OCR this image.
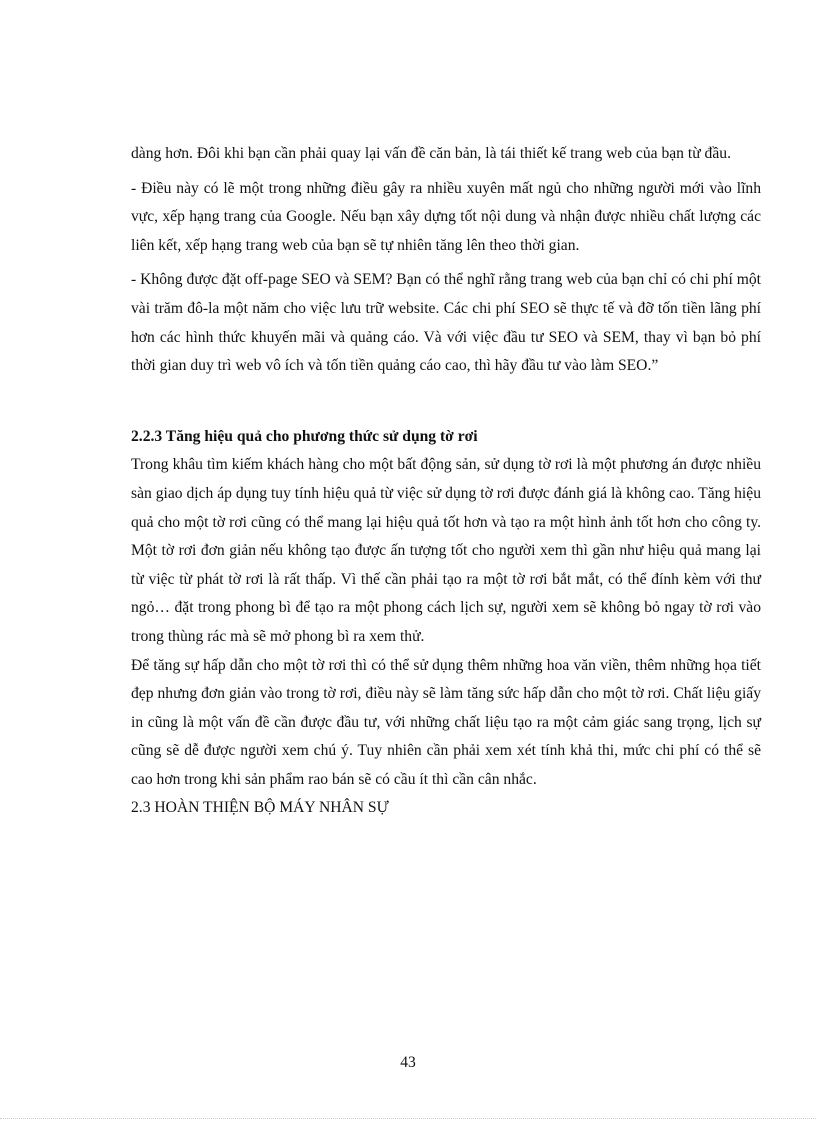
dàng hơn. Đôi khi bạn cần phải quay lại vấn đề căn bản, là tái thiết kế trang web của bạn từ đầu.

- Điều này có lẽ một trong những điều gây ra nhiều xuyên mất ngủ cho những người mới vào lĩnh vực, xếp hạng trang của Google. Nếu bạn xây dựng tốt nội dung và nhận được nhiều chất lượng các liên kết, xếp hạng trang web của bạn sẽ tự nhiên tăng lên theo thời gian.

- Không được đặt off-page SEO và SEM? Bạn có thể nghĩ rằng trang web của bạn chỉ có chi phí một vài trăm đô-la một năm cho việc lưu trữ website. Các chi phí SEO sẽ thực tế và đỡ tốn tiền lãng phí hơn các hình thức khuyến mãi và quảng cáo. Và với việc đầu tư SEO và SEM, thay vì bạn bỏ phí thời gian duy trì web vô ích và tốn tiền quảng cáo cao, thì hãy đầu tư vào làm SEO.”

2.2.3 Tăng hiệu quả cho phương thức sử dụng tờ rơi

Trong khâu tìm kiếm khách hàng cho một bất động sản, sử dụng tờ rơi là một phương án được nhiều sàn giao dịch áp dụng tuy tính hiệu quả từ việc sử dụng tờ rơi được đánh giá là không cao. Tăng hiệu quả cho một tờ rơi cũng có thể mang lại hiệu quả tốt hơn và tạo ra một hình ảnh tốt hơn cho công ty. Một tờ rơi đơn giản nếu không tạo được ấn tượng tốt cho người xem thì gần như hiệu quả mang lại từ việc từ phát tờ rơi là rất thấp. Vì thế cần phải tạo ra một tờ rơi bắt mắt, có thể đính kèm với thư ngỏ… đặt trong phong bì để tạo ra một phong cách lịch sự, người xem sẽ không bỏ ngay tờ rơi vào trong thùng rác mà sẽ mở phong bì ra xem thử.

Để tăng sự hấp dẫn cho một tờ rơi thì có thể sử dụng thêm những hoa văn viền, thêm những họa tiết đẹp nhưng đơn giản vào trong tờ rơi, điều này sẽ làm tăng sức hấp dẫn cho một tờ rơi. Chất liệu giấy in cũng là một vấn đề cần được đầu tư, với những chất liệu tạo ra một cảm giác sang trọng, lịch sự cũng sẽ dễ được người xem chú ý. Tuy nhiên cần phải xem xét tính khả thi, mức chi phí có thể sẽ cao hơn trong khi sản phẩm rao bán sẽ có cầu ít thì cần cân nhắc.

2.3 HOÀN THIỆN BỘ MÁY NHÂN SỰ

43
